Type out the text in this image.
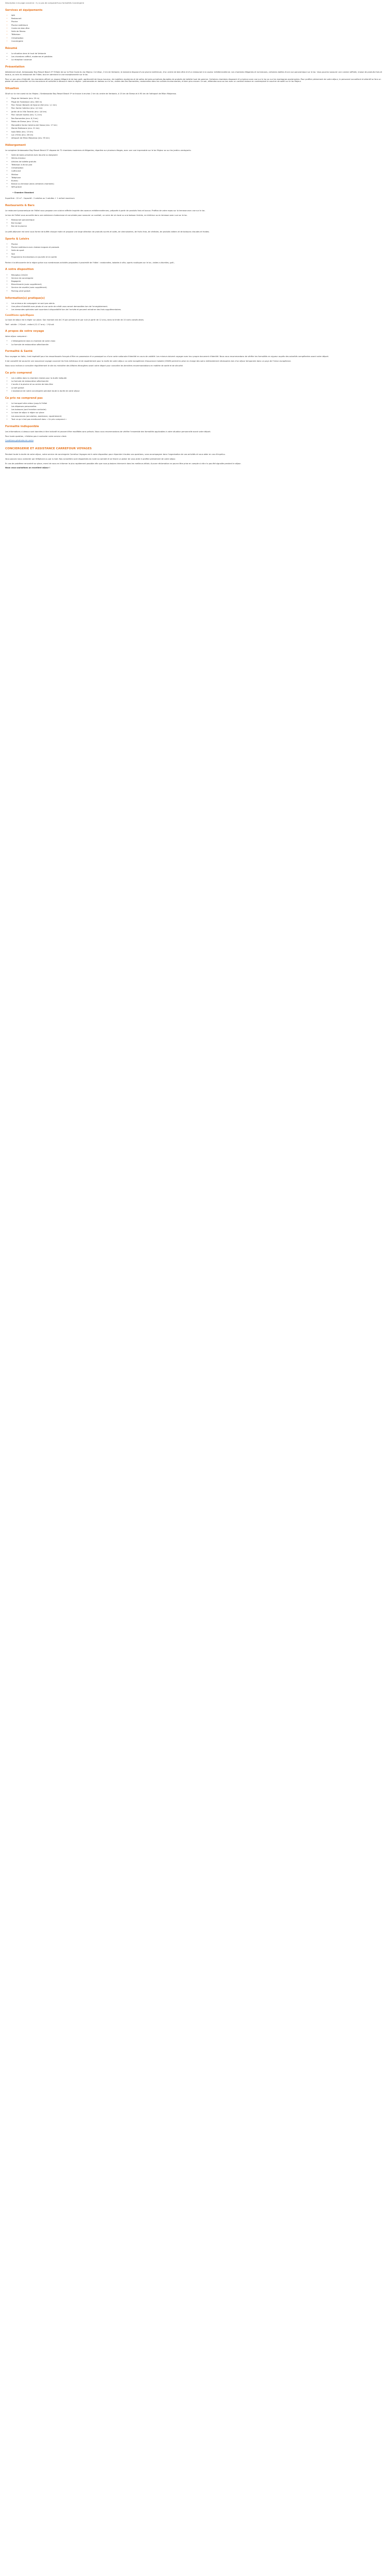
Description à la page concerne : Il y a pas de comparatif aux formalités Conciergerie

Services et équipements
• Wifi
• Restaurant
• Piscine
• Piscine extérieure
• Centre de bien-être
• Salle de fitness
• Télévision
• Climatisation
• Conciergerie
Résumé
• La situation dans le haut de Verbanie
• Les chambres raffiné, modernes et paisibles
• La réception luxueuse
Présentation

Idéalement situé, Ambassador Bay Resort Beach 5* S'étale de sur la Rive Ouest du lac Majeur. Ce trésor, 2 km de Verbanie, le domaine dispose d'une piscine extérieure, d'un centre de bien-être et d'un restaurant à la saveur méditerranéenne. Les chambres élégantes et lumineuses, certaines dotées d'une vue panoramique sur le lac. Vous pourrez savourer une cuisine raffinée, à base de produits frais et locaux, au sein du restaurant de l'hôtel, tout en admirant la vue exceptionnelle sur le lac.

Pour un peu plus d'intimité, les chambres offrent un espace élégant et de bon goût, agrémenté de tissus luxueux, de mobiliers modernes et de salles de bains privatives équipées de produits de toilette haut de gamme. Certaines chambres disposent d'un balcon avec vue sur le lac ou sur les montagnes avoisinantes. Pour profiter pleinement de votre séjour, le personnel accueillant et attentif se fera un plaisir de vous conseiller sur les excursions et activités à découvrir dans la région : promenades en bateau sur le lac, visites des îles Borromées, randonnées dans les collines environnantes, et bien plus encore. Le soir, détendez-vous au bar avec un cocktail maison en contemplant le coucher de soleil sur le lac Majeur.

Situation

Situé sur la rive ouest du lac Majeur, l'Ambassador Bay Resort Beach 5* se trouve à environ 2 km du centre de Verbanie, à 15 km de Stresa et à 95 km de l'aéroport de Milan Malpensa.

• Plage de Verbanie (env. 20 m)
• Plage de Fondotoce (env. 800 m)
• Parc Taman Botanik de Nyaruk (Kel (env. 1,1 km)
• Parc Santa Caterina (env. 4,2 km)
• Jardin de la Villa Taranto (env. 4,6 km)
• Parc naturel Isolino (env. 5,1 km)
• Îles Borromées (env. 6,3 km)
• Palais de Stresa (env. 15 km)
• Monastère Santa Caterina del Sasso (env. 17 km)
• Monte Mottarone (env. 21 km)
• Isola Bella (env. 15 km)
• Lac d'Orta (env. 26 km)
• Aéroport de Milan Malpensa (env. 95 km)
Hébergement

Le complexe Ambassador Bay Resort Beach 5* dispose de 72 chambres modernes et élégantes, réparties sur plusieurs étages, avec une vue imprenable sur le lac Majeur ou sur les jardins verdoyants.

• Salle de bains privative avec douche ou baignoire
• Sèche-cheveux
• Articles de toilette gratuits
• Télévision à écran plat
• Climatisation
• Coffre-fort
• Minibar
• Téléphone
• Bureau
• Balcon ou terrasse (dans certaines chambres)
• Wifi gratuit

• Chambre Standard

Superficie : 22 m² - Capacité : 2 adultes ou 2 adultes + 1 enfant maximum

Restaurants & Bars

Le restaurant panoramique de l'hôtel vous propose une cuisine raffinée inspirée des saveurs méditerranéennes, préparée à partir de produits frais et locaux. Profitez de votre repas sur la terrasse avec vue sur le lac.

Le bar de l'hôtel vous accueille dans une ambiance chaleureuse et conviviale pour savourer un cocktail, un verre de vin local ou une boisson fraîche, en intérieur ou en terrasse avec vue sur le lac.

• Restaurant panoramique
• Bar lounge
• Bar de la piscine

Le petit-déjeuner est servi sous forme de buffet chaque matin et propose une large sélection de produits sucrés et salés, de viennoiseries, de fruits frais, de céréales, de produits laitiers et de boissons chaudes et froides.

Sports & Loisirs
• Piscine
• Piscine extérieure avec chaises longues et parasols
• Salle de sport
• Spa
• Programme d'animations en journée et en soirée

Partez à la découverte de la région grâce aux nombreuses activités proposées à proximité de l'hôtel : randonnées, balades à vélo, sports nautiques sur le lac, visites culturelles, golf...

A votre disposition
• Réception 24h/24
• Service de conciergerie
• Bagagerie
• Blanchisserie (avec supplément)
• Service de navette (avec supplément)
• Parking privé gratuit
Information(s) pratique(s)
• Les animaux de compagnie ne sont pas admis.
• Une pièce d'identité avec photo et une carte de crédit vous seront demandées lors de l'enregistrement.
• Les demandes spéciales sont soumises à disponibilité lors de l'arrivée et peuvent entraîner des frais supplémentaires.
Conditions spécifiques

La taxe de séjour est à régler sur place. Son montant est de 2 € par personne et par nuit (à partir de 12 ans), dans la limite de 10 nuits consécutives.

Tarif : adulte : 2 €/nuit - enfant (12-17 ans) : 1 €/nuit.

A propos de votre voyage

Votre séjour comprend :

• L'hébergement dans la chambre de votre choix
• La formule de restauration sélectionnée
Formalité & Santé

Pour voyager en Italie, il est impératif pour les ressortissants français d'être en possession d'un passeport ou d'une carte nationale d'identité en cours de validité. Les mineurs doivent voyager avec leur propre document d'identité. Nous vous recommandons de vérifier les formalités en vigueur auprès des autorités compétentes avant votre départ.

Il est conseillé de souscrire une assurance voyage couvrant les frais médicaux et de rapatriement pour la durée de votre séjour. La carte européenne d'assurance maladie (CEAM) permet la prise en charge des soins médicalement nécessaires lors d'un séjour temporaire dans un pays de l'Union européenne.

Nous vous invitons à consulter régulièrement le site du ministère des Affaires étrangères avant votre départ pour connaître les dernières recommandations en matière de santé et de sécurité.

Ce prix comprend
• Les nuitées dans la chambre choisie pour la durée indiquée
• La formule de restauration sélectionnée
• L'accès à la piscine et au centre de bien-être
• Le wifi gratuit
• L'assistance de notre conciergerie pendant toute la durée de votre séjour
Ce prix ne comprend pas
• Le transport aller-retour jusqu'à l'hôtel
• Les dépenses personnelles
• Les boissons (sauf mention contraire)
• La taxe de séjour à régler sur place
• Les assurances (annulation, assistance, rapatriement)
• Tout ce qui n'est pas mentionné dans « Ce prix comprend »
Formalité indisponible

Les informations ci-dessus sont données à titre indicatif et peuvent être modifiées sans préavis. Nous vous recommandons de vérifier l'ensemble des formalités applicables à votre situation personnelle avant votre départ.

Pour toute question, n'hésitez pas à contacter notre service client.

Conditions générales de vente

CONCIERGERIE ET ASSISTANCE CARREFOUR VOYAGES

Pendant toute la durée de votre séjour, notre service de conciergerie Carrefour Voyages est à votre disposition pour répondre à toutes vos questions, vous accompagner dans l'organisation de vos activités et vous aider en cas d'imprévu.

Vous pouvez nous contacter par téléphone ou par e-mail. Nos conseillers sont disponibles du lundi au samedi et se feront un plaisir de vous aider à profiter pleinement de votre séjour.

En cas de problème rencontré sur place, merci de nous en informer le plus rapidement possible afin que nous puissions intervenir dans les meilleurs délais. Aucune réclamation ne pourra être prise en compte si elle n'a pas été signalée pendant le séjour.

Nous vous souhaitons un excellent séjour !
